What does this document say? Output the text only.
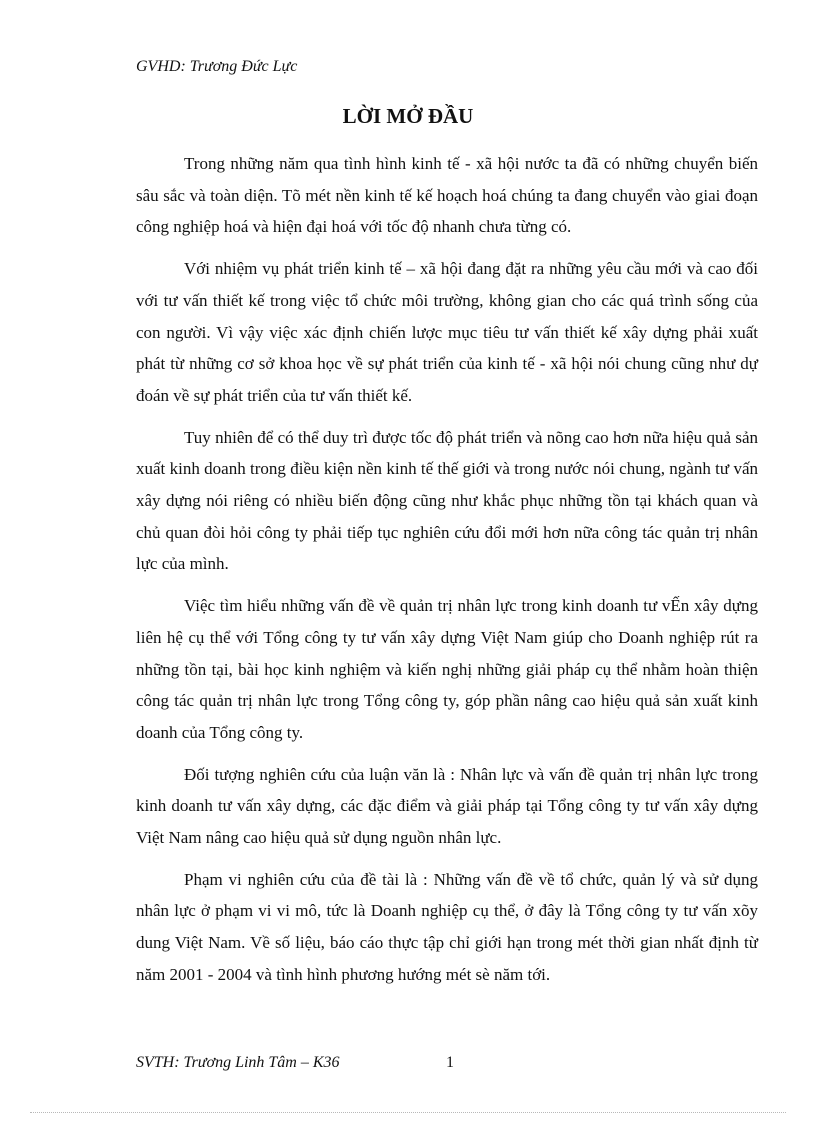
GVHD: Trương Đức Lực
LỜI MỞ ĐẦU

Trong những năm qua tình hình kinh tế - xã hội nước ta đã có những chuyển biến sâu sắc và toàn diện. Tõ mét nền kinh tế kế hoạch hoá chúng ta đang chuyển vào giai đoạn công nghiệp hoá và hiện đại hoá với tốc độ nhanh chưa từng có.

Với nhiệm vụ phát triển kinh tế – xã hội đang đặt ra những yêu cầu mới và cao đối với tư vấn thiết kế trong việc tổ chức môi trường, không gian cho các quá trình sống của con người. Vì vậy việc xác định chiến lược mục tiêu tư vấn thiết kế xây dựng phải xuất phát từ những cơ sở khoa học về sự phát triển của kinh tế - xã hội nói chung cũng như dự đoán về sự phát triển của tư vấn thiết kế.

Tuy nhiên để có thể duy trì được tốc độ phát triển và nõng cao hơn nữa hiệu quả sản xuất kinh doanh trong điều kiện nền kinh tế thế giới và trong nước nói chung, ngành tư vấn xây dựng nói riêng có nhiều biến động cũng như khắc phục những tồn tại khách quan và chủ quan đòi hỏi công ty phải tiếp tục nghiên cứu đổi mới hơn nữa công tác quản trị nhân lực của mình.

Việc tìm hiểu những vấn đề về quản trị nhân lực trong kinh doanh tư vẾn xây dựng liên hệ cụ thể với Tổng công ty tư vấn xây dựng Việt Nam giúp cho Doanh nghiệp rút ra những tồn tại, bài học kinh nghiệm và kiến nghị những giải pháp cụ thể nhằm hoàn thiện công tác quản trị nhân lực trong Tổng công ty, góp phần nâng cao hiệu quả sản xuất kinh doanh của Tổng công ty.

Đối tượng nghiên cứu của luận văn là : Nhân lực và vấn đề quản trị nhân lực trong kinh doanh tư vấn xây dựng, các đặc điểm và giải pháp tại Tổng công ty tư vấn xây dựng Việt Nam nâng cao hiệu quả sử dụng nguồn nhân lực.

Phạm vi nghiên cứu của đề tài là : Những vấn đề về tổ chức, quản lý và sử dụng nhân lực ở phạm vi vi mô, tức là Doanh nghiệp cụ thể, ở đây là Tổng công ty tư vấn xõy dung Việt Nam. Về số liệu, báo cáo thực tập chỉ giới hạn trong mét thời gian nhất định từ năm 2001 - 2004 và tình hình phương hướng mét sè năm tới.

SVTH: Trương Linh Tâm – K36	1
